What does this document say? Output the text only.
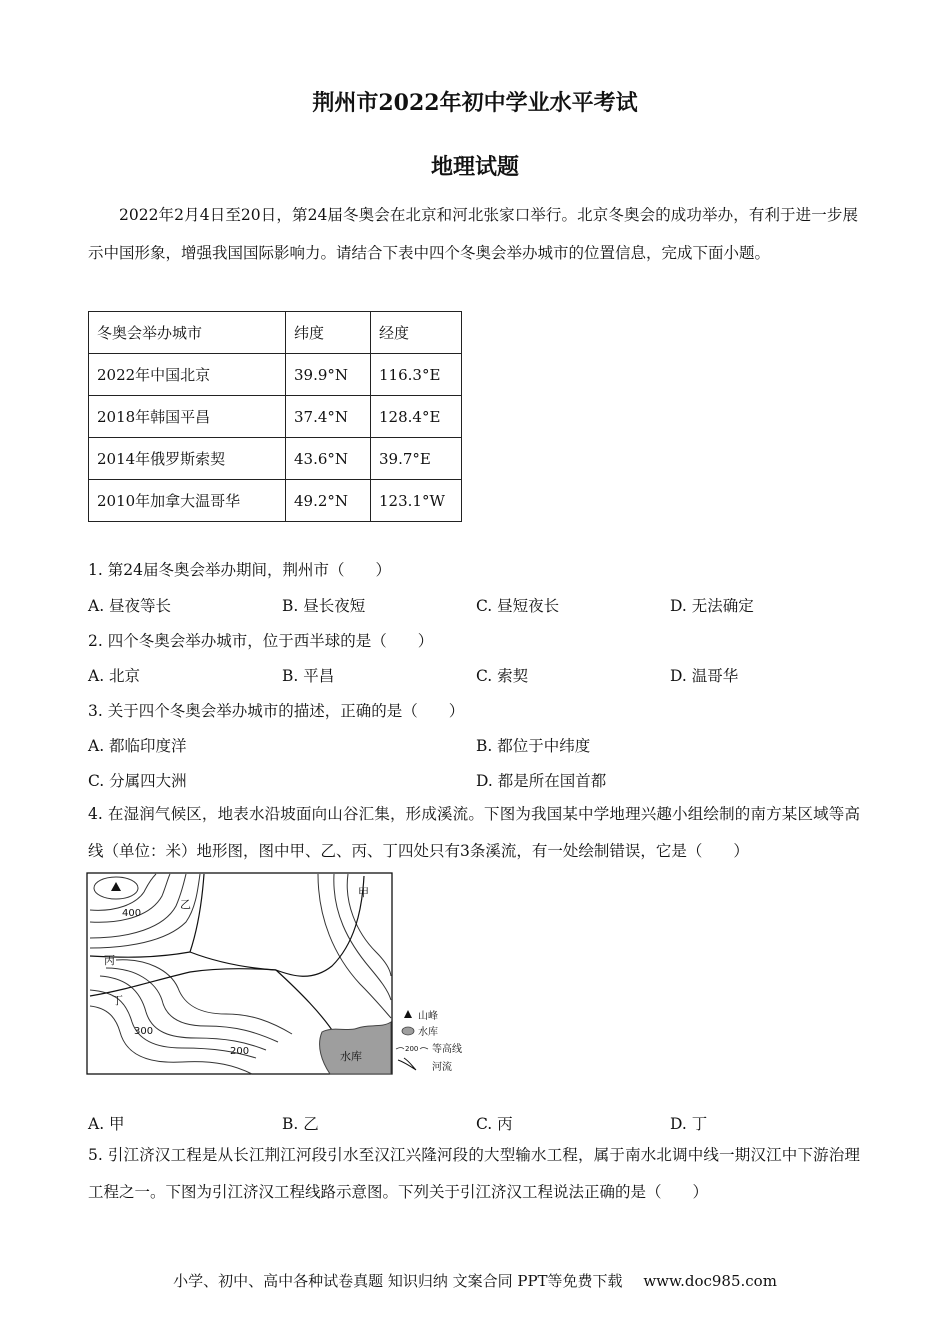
荆州市2022年初中学业水平考试
地理试题
2022年2月4日至20日，第24届冬奥会在北京和河北张家口举行。北京冬奥会的成功举办，有利于进一步展示中国形象，增强我国国际影响力。请结合下表中四个冬奥会举办城市的位置信息，完成下面小题。
冬奥会举办城市	纬度	经度
2022年中国北京	39.9°N	116.3°E
2018年韩国平昌	37.4°N	128.4°E
2014年俄罗斯索契	43.6°N	39.7°E
2010年加拿大温哥华	49.2°N	123.1°W
1. 第24届冬奥会举办期间，荆州市（　　）
A. 昼夜等长	B. 昼长夜短	C. 昼短夜长	D. 无法确定
2. 四个冬奥会举办城市，位于西半球的是（　　）
A. 北京	B. 平昌	C. 索契	D. 温哥华
3. 关于四个冬奥会举办城市的描述，正确的是（　　）
A. 都临印度洋	B. 都位于中纬度
C. 分属四大洲	D. 都是所在国首都
4. 在湿润气候区，地表水沿坡面向山谷汇集，形成溪流。下图为我国某中学地理兴趣小组绘制的南方某区域等高线（单位：米）地形图，图中甲、乙、丙、丁四处只有3条溪流，有一处绘制错误，它是（　　）
乙
甲
丙
丁
400
300
200	水库
山峰
水库
200 等高线
河流
A. 甲	B. 乙	C. 丙	D. 丁
5. 引江济汉工程是从长江荆江河段引水至汉江兴隆河段的大型输水工程，属于南水北调中线一期汉江中下游治理工程之一。下图为引江济汉工程线路示意图。下列关于引江济汉工程说法正确的是（　　）
小学、初中、高中各种试卷真题 知识归纳 文案合同 PPT等免费下载 www.doc985.com
